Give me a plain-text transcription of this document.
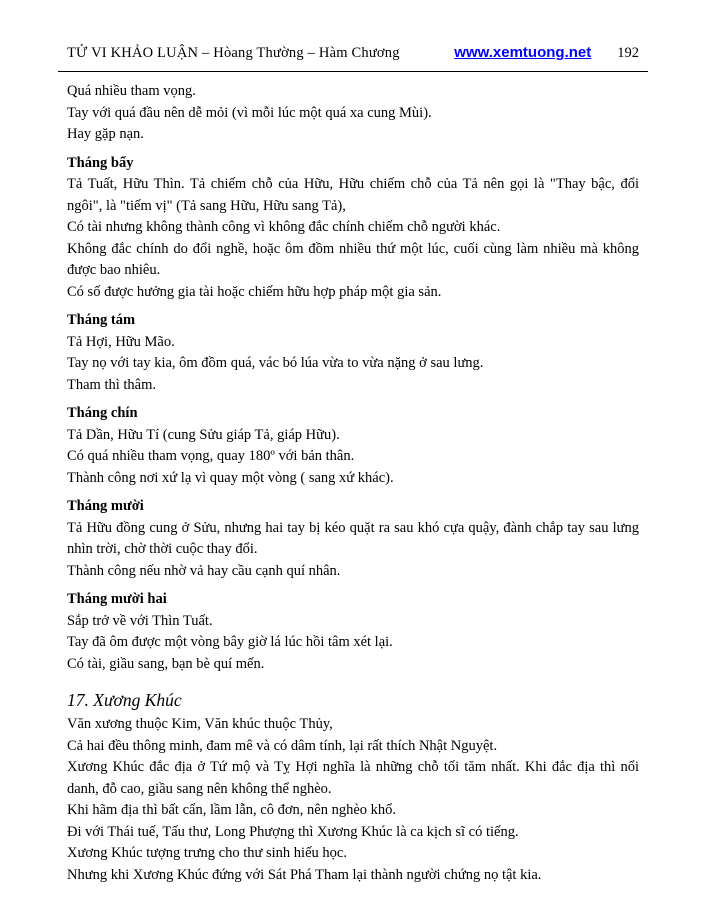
TỬ VI KHẢO LUẬN – Hòang Thường – Hàm Chương	www.xemtuong.net 192

Quá nhiều tham vọng.

Tay với quá đầu nên dễ mỏi (vì mỗi lúc một quá xa cung Mùi).

Hay gặp nạn.

Tháng bẩy

Tả Tuất, Hữu Thìn. Tả chiếm chỗ của Hữu, Hữu chiếm chỗ của Tả nên gọi là "Thay bậc, đổi ngôi", là "tiếm vị" (Tả sang Hữu, Hữu sang Tả),

Có tài nhưng không thành công vì không đắc chính chiếm chỗ người khác.

Không đắc chính do đổi nghề, hoặc ôm đồm nhiều thứ một lúc, cuối cùng làm nhiều mà không được bao nhiêu.

Có số được hưởng gia tài hoặc chiếm hữu hợp pháp một gia sản.

Tháng tám

Tả Hợi, Hữu Mão.

Tay nọ với tay kia, ôm đồm quá, vác bó lúa vừa to vừa nặng ở sau lưng.

Tham thì thâm.

Tháng chín

Tả Dần, Hữu Tí (cung Sửu giáp Tả, giáp Hữu).

Có quá nhiều tham vọng, quay 180º với bản thân.

Thành công nơi xứ lạ vì quay một vòng ( sang xứ khác).

Tháng mười

Tả Hữu đồng cung ở Sửu, nhưng hai tay bị kéo quặt ra sau khó cựa quậy, đành chắp tay sau lưng nhìn trời, chờ thời cuộc thay đổi.

Thành công nếu nhờ vả hay cầu cạnh quí nhân.

Tháng mười hai

Sắp trở về với Thìn Tuất.

Tay đã ôm được một vòng bây giờ lá lúc hồi tâm xét lại.

Có tài, giầu sang, bạn bè quí mến.

17. Xương Khúc

Văn xương thuộc Kim, Văn khúc thuộc Thủy,

Cả hai đều thông minh, đam mê và có dâm tính, lại rất thích Nhật Nguyệt.

Xương Khúc đắc địa ở Tứ mộ và Tỵ Hợi nghĩa là những chỗ tối tăm nhất. Khi đắc địa thì nổi danh, đỗ cao, giầu sang nên không thể nghèo.

Khi hãm địa thì bất cẩn, lầm lẫn, cô đơn, nên nghèo khổ.

Đi với Thái tuế, Tấu thư, Long Phượng thì Xương Khúc là ca kịch sĩ có tiếng.

Xương Khúc tượng trưng cho thư sinh hiếu học.

Nhưng khi Xương Khúc đứng với Sát Phá Tham lại thành người chứng nọ tật kia.
